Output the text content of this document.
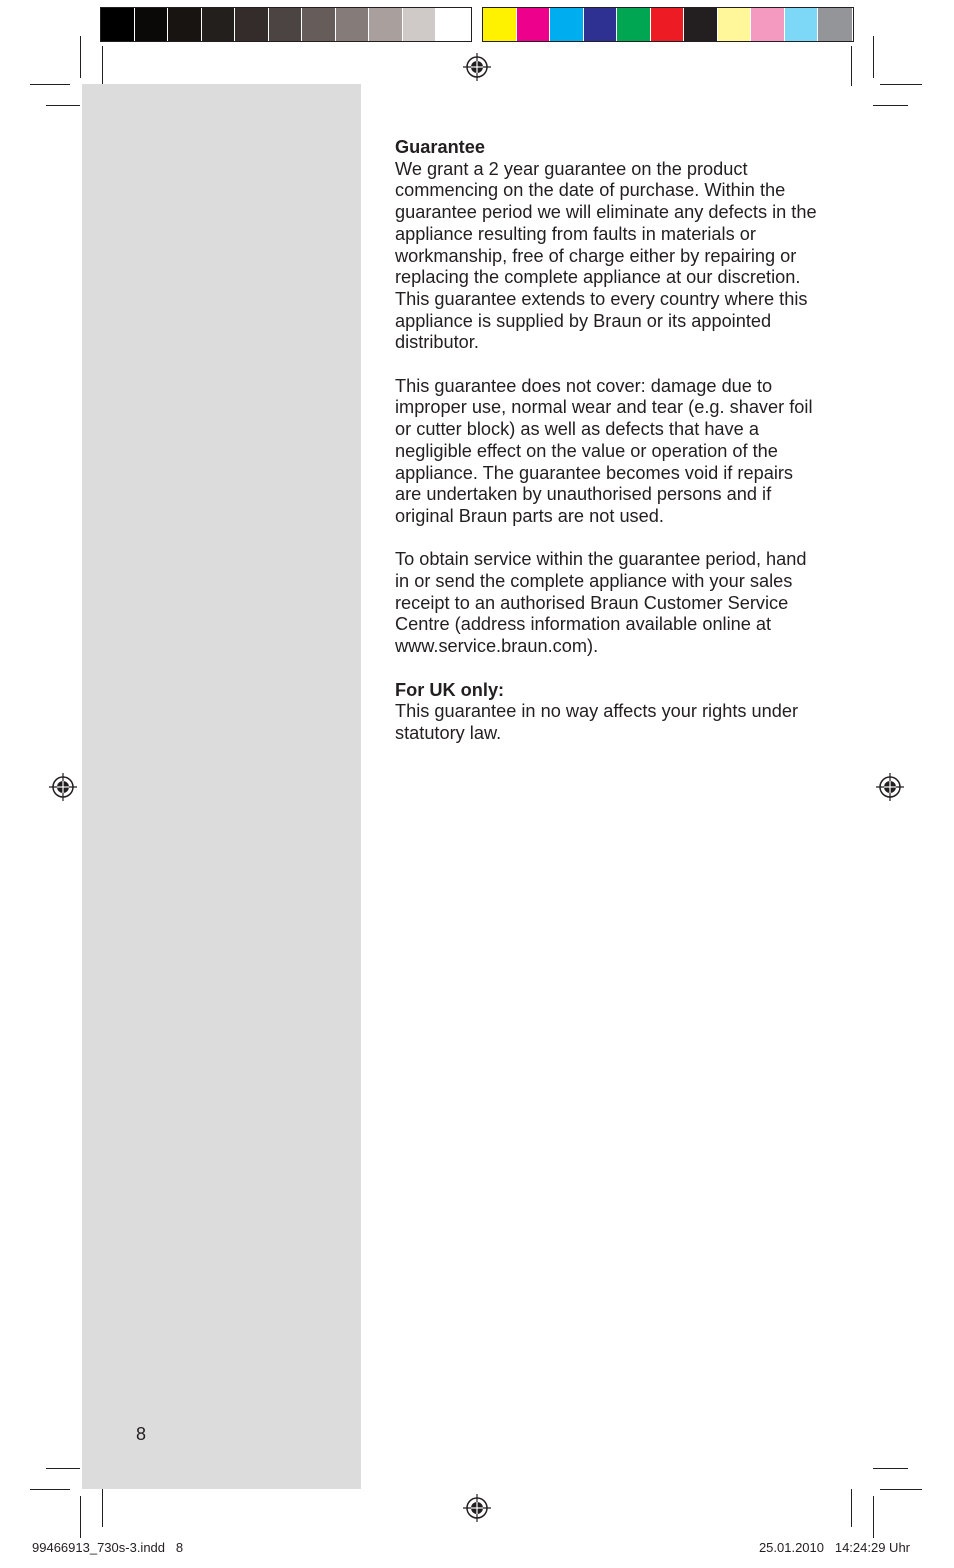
Guarantee

We grant a 2 year guarantee on the product commencing on the date of purchase. Within the guarantee period we will eliminate any defects in the appliance resulting from faults in materials or workmanship, free of charge either by repairing or replacing the complete appliance at our discretion.

This guarantee extends to every country where this appliance is supplied by Braun or its appointed distributor.

This guarantee does not cover: damage due to improper use, normal wear and tear (e.g. shaver foil or cutter block) as well as defects that have a negligible effect on the value or operation of the appliance. The guarantee becomes void if repairs are undertaken by unauthorised persons and if original Braun parts are not used.

To obtain service within the guarantee period, hand in or send the complete appliance with your sales receipt to an authorised Braun Customer Service Centre (address information available online at www.service.braun.com).

For UK only:

This guarantee in no way affects your rights under statutory law.

8
99466913_730s-3.indd   8	25.01.2010   14:24:29 Uhr
